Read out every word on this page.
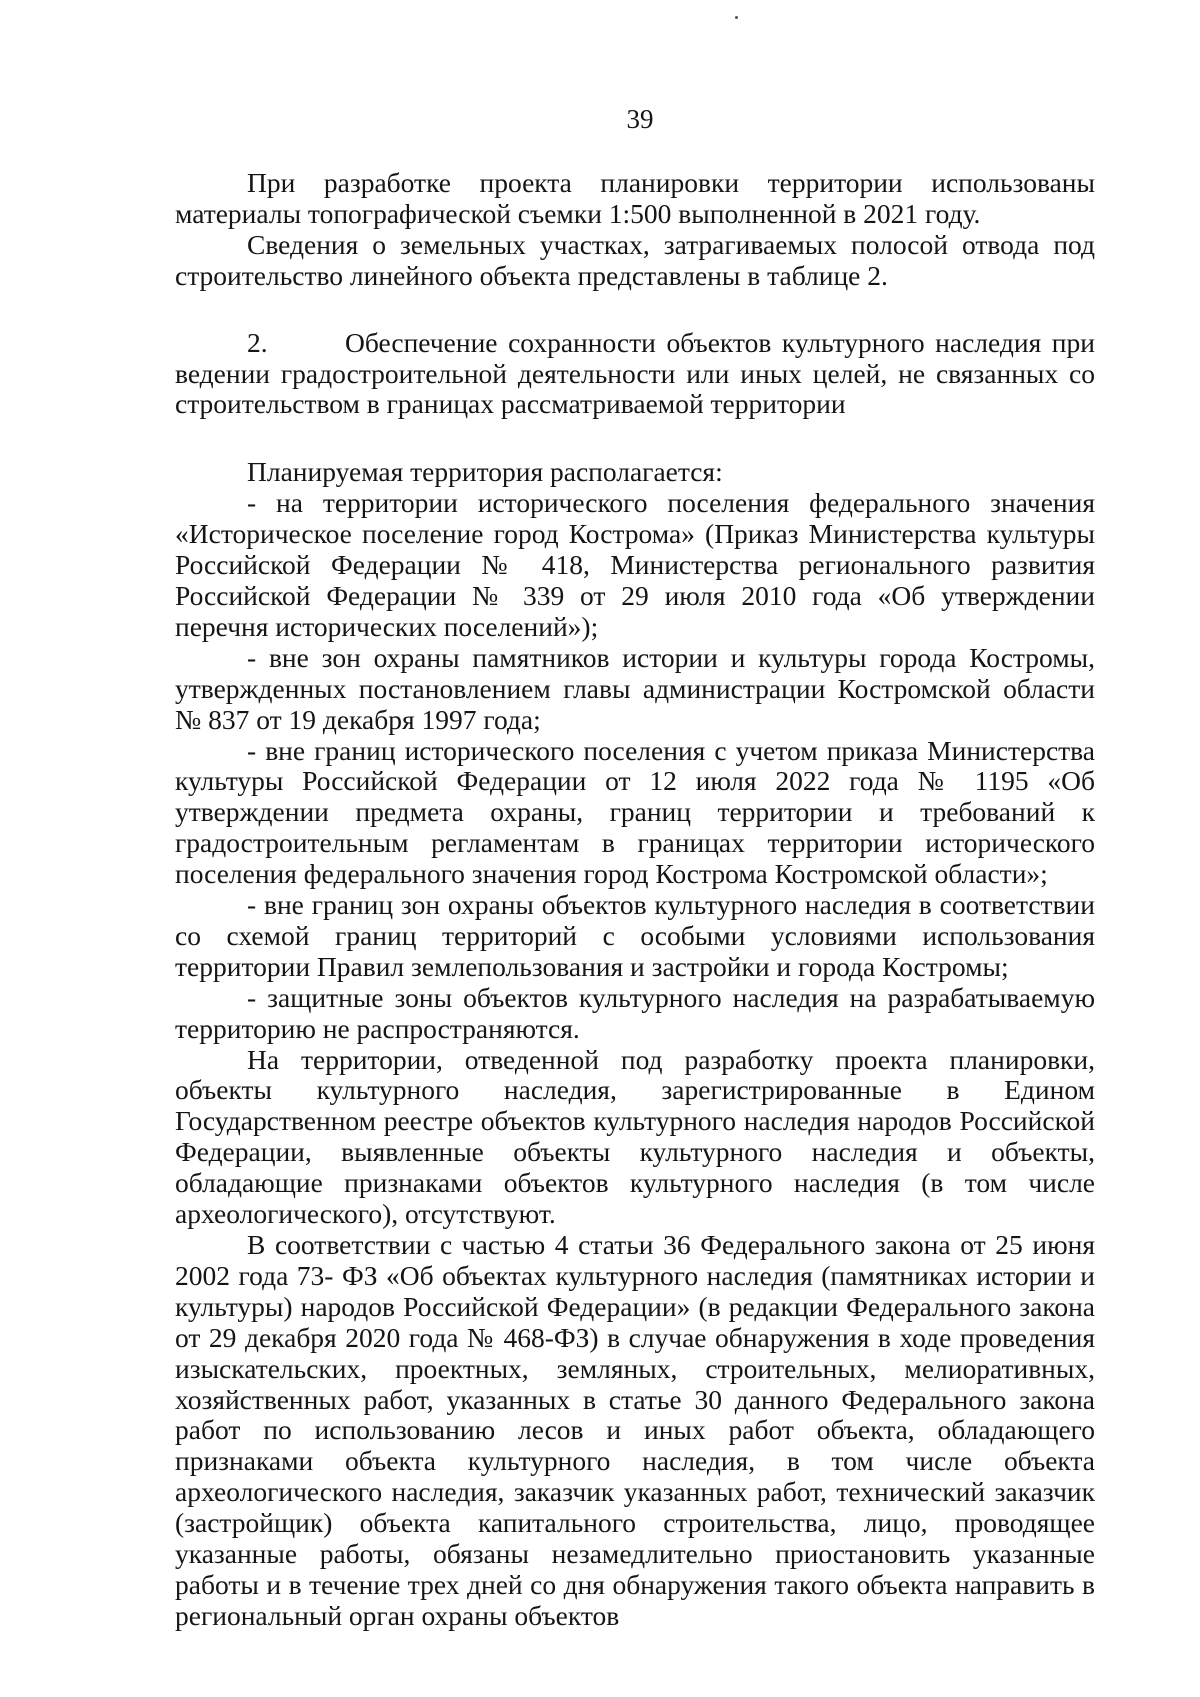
39

При разработке проекта планировки территории использованы материалы топографической съемки 1:500 выполненной в 2021 году.

Сведения о земельных участках, затрагиваемых полосой отвода под строительство линейного объекта представлены в таблице 2.

2.	Обеспечение сохранности объектов культурного наследия при ведении градостроительной деятельности или иных целей, не связанных со строительством в границах рассматриваемой территории

Планируемая территория располагается:

- на территории исторического поселения федерального значения «Историческое поселение город Кострома» (Приказ Министерства культуры Российской Федерации № 418, Министерства регионального развития Российской Федерации № 339 от 29 июля 2010 года «Об утверждении перечня исторических поселений»);

- вне зон охраны памятников истории и культуры города Костромы, утвержденных постановлением главы администрации Костромской области № 837 от 19 декабря 1997 года;

- вне границ исторического поселения с учетом приказа Министерства культуры Российской Федерации от 12 июля 2022 года № 1195 «Об утверждении предмета охраны, границ территории и требований к градостроительным регламентам в границах территории исторического поселения федерального значения город Кострома Костромской области»;

- вне границ зон охраны объектов культурного наследия в соответствии со схемой границ территорий с особыми условиями использования территории Правил землепользования и застройки и города Костромы;

- защитные зоны объектов культурного наследия на разрабатываемую территорию не распространяются.

На территории, отведенной под разработку проекта планировки, объекты культурного наследия, зарегистрированные в Едином Государственном реестре объектов культурного наследия народов Российской Федерации, выявленные объекты культурного наследия и объекты, обладающие признаками объектов культурного наследия (в том числе археологического), отсутствуют.

В соответствии с частью 4 статьи 36 Федерального закона от 25 июня 2002 года 73- ФЗ «Об объектах культурного наследия (памятниках истории и культуры) народов Российской Федерации» (в редакции Федерального закона от 29 декабря 2020 года № 468-ФЗ) в случае обнаружения в ходе проведения изыскательских, проектных, земляных, строительных, мелиоративных, хозяйственных работ, указанных в статье 30 данного Федерального закона работ по использованию лесов и иных работ объекта, обладающего признаками объекта культурного наследия, в том числе объекта археологического наследия, заказчик указанных работ, технический заказчик (застройщик) объекта капитального строительства, лицо, проводящее указанные работы, обязаны незамедлительно приостановить указанные работы и в течение трех дней со дня обнаружения такого объекта направить в региональный орган охраны объектов
